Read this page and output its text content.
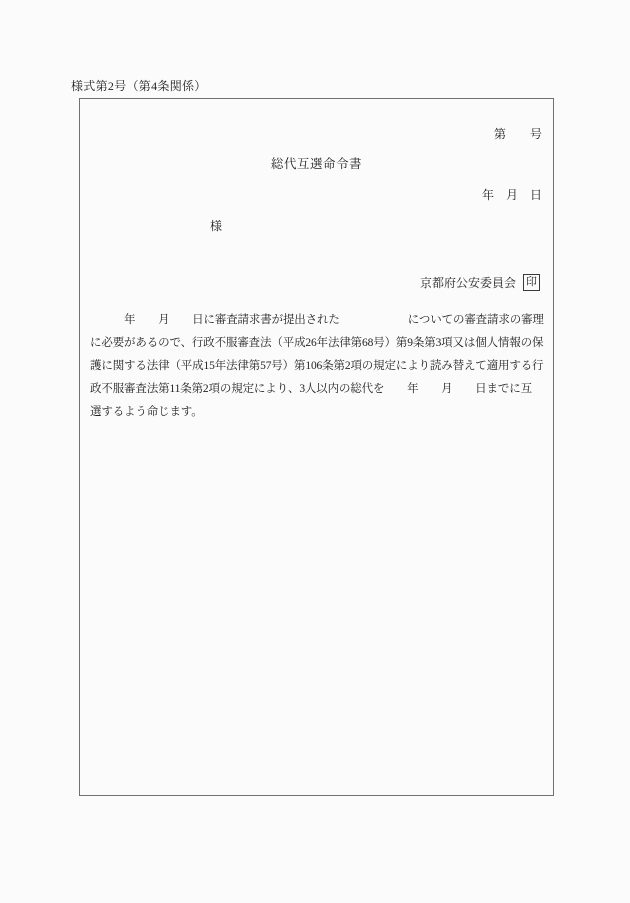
様式第2号（第4条関係）
第　　号
総代互選命令書
年　月　日
様
京都府公安委員会 印
　　　年　　月　　日に審査請求書が提出された　　　　　　についての審査請求の審理
に必要があるので、行政不服審査法（平成26年法律第68号）第9条第3項又は個人情報の保
護に関する法律（平成15年法律第57号）第106条第2項の規定により読み替えて適用する行
政不服審査法第11条第2項の規定により、3人以内の総代を　　年　　月　　日までに互
選するよう命じます。
